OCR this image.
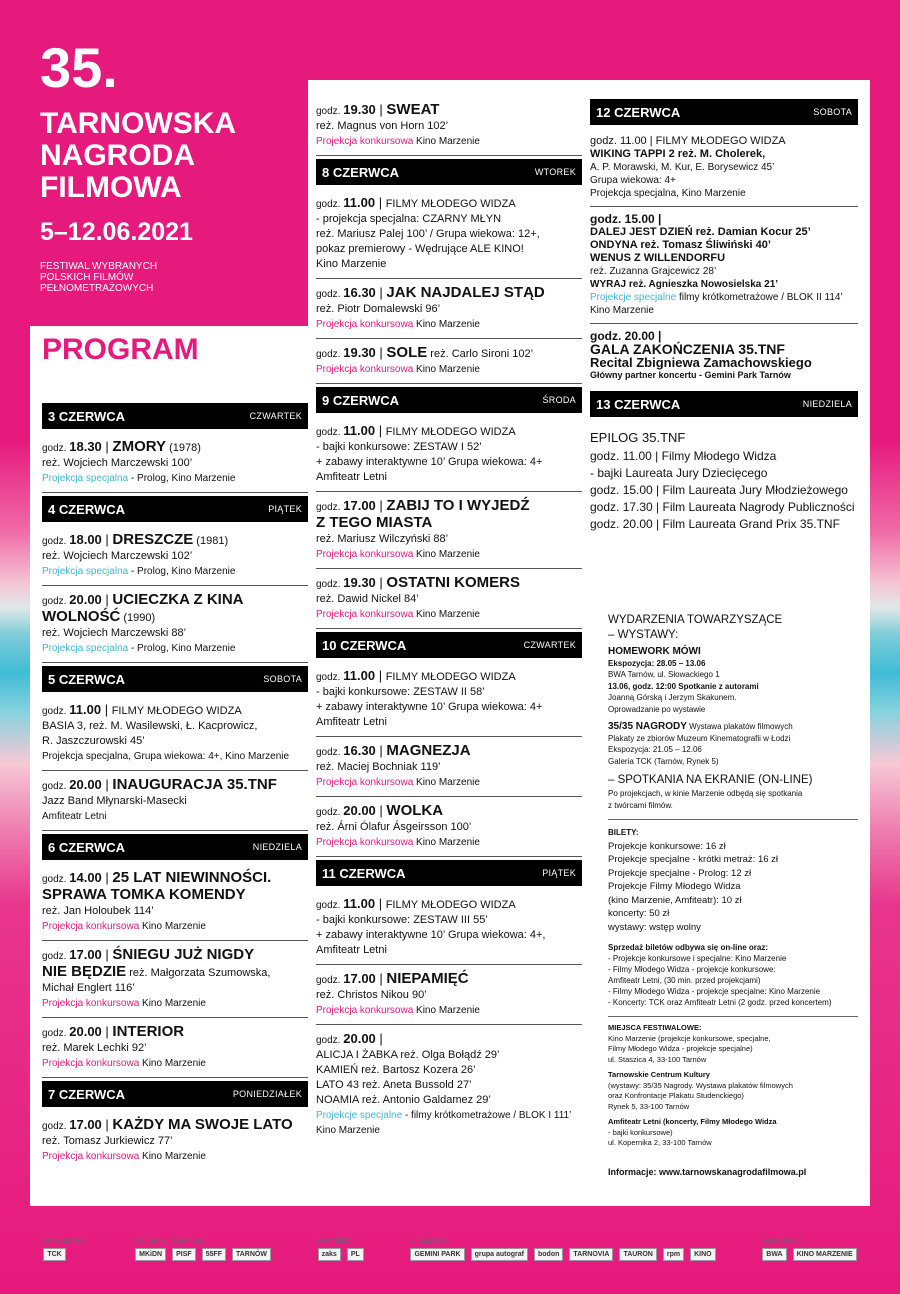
35.
TARNOWSKA
NAGRODA
FILMOWA
5–12.06.2021
FESTIWAL WYBRANYCH
POLSKICH FILMÓW
PEŁNOMETRAŻOWYCH
PROGRAM
3 CZERWCA	CZWARTEK
godz. 18.30 | ZMORY (1978)
reż. Wojciech Marczewski 100’
Projekcja specjalna - Prolog, Kino Marzenie
4 CZERWCA	PIĄTEK
godz. 18.00 | DRESZCZE (1981)
reż. Wojciech Marczewski 102’
Projekcja specjalna - Prolog, Kino Marzenie
godz. 20.00 | UCIECZKA Z KINA
WOLNOŚĆ (1990)
reż. Wojciech Marczewski 88’
Projekcja specjalna - Prolog, Kino Marzenie
5 CZERWCA	SOBOTA
godz. 11.00 | FILMY MŁODEGO WIDZA
BASIA 3, reż. M. Wasilewski, Ł. Kacprowicz,
R. Jaszczurowski 45’
Projekcja specjalna, Grupa wiekowa: 4+, Kino Marzenie
godz. 20.00 | INAUGURACJA 35.TNF
Jazz Band Młynarski-Masecki
Amfiteatr Letni
6 CZERWCA	NIEDZIELA
godz. 14.00 | 25 LAT NIEWINNOŚCI.
SPRAWA TOMKA KOMENDY
reż. Jan Holoubek 114’
Projekcja konkursowa Kino Marzenie
godz. 17.00 | ŚNIEGU JUŻ NIGDY
NIE BĘDZIE reż. Małgorzata Szumowska,
Michał Englert 116’
Projekcja konkursowa Kino Marzenie
godz. 20.00 | INTERIOR
reż. Marek Lechki 92’
Projekcja konkursowa Kino Marzenie
7 CZERWCA	PONIEDZIAŁEK
godz. 17.00 | KAŻDY MA SWOJE LATO
reż. Tomasz Jurkiewicz 77’
Projekcja konkursowa Kino Marzenie
godz. 19.30 | SWEAT
reż. Magnus von Horn 102’
Projekcja konkursowa Kino Marzenie
8 CZERWCA	WTOREK
godz. 11.00 | FILMY MŁODEGO WIDZA
- projekcja specjalna: CZARNY MŁYN
reż. Mariusz Palej 100’ / Grupa wiekowa: 12+,
pokaz premierowy - Wędrujące ALE KINO!
Kino Marzenie
godz. 16.30 | JAK NAJDALEJ STĄD
reż. Piotr Domalewski 96’
Projekcja konkursowa Kino Marzenie
godz. 19.30 | SOLE reż. Carlo Sironi 102’
Projekcja konkursowa Kino Marzenie
9 CZERWCA	ŚRODA
godz. 11.00 | FILMY MŁODEGO WIDZA
- bajki konkursowe: ZESTAW I 52’
+ zabawy interaktywne 10’ Grupa wiekowa: 4+
Amfiteatr Letni
godz. 17.00 | ZABIJ TO I WYJEDŹ
Z TEGO MIASTA
reż. Mariusz Wilczyński 88’
Projekcja konkursowa Kino Marzenie
godz. 19.30 | OSTATNI KOMERS
reż. Dawid Nickel 84’
Projekcja konkursowa Kino Marzenie
10 CZERWCA	CZWARTEK
godz. 11.00 | FILMY MŁODEGO WIDZA
- bajki konkursowe: ZESTAW II 58’
+ zabawy interaktywne 10’ Grupa wiekowa: 4+
Amfiteatr Letni
godz. 16.30 | MAGNEZJA
reż. Maciej Bochniak 119’
Projekcja konkursowa Kino Marzenie
godz. 20.00 | WOLKA
reż. Árni Ólafur Ásgeirsson 100’
Projekcja konkursowa Kino Marzenie
11 CZERWCA	PIĄTEK
godz. 11.00 | FILMY MŁODEGO WIDZA
- bajki konkursowe: ZESTAW III 55’
+ zabawy interaktywne 10’ Grupa wiekowa: 4+,
Amfiteatr Letni
godz. 17.00 | NIEPAMIĘĆ
reż. Christos Nikou 90’
Projekcja konkursowa Kino Marzenie
godz. 20.00 |
ALICJA I ŻABKA reż. Olga Bołądź 29’
KAMIEŃ reż. Bartosz Kozera 26’
LATO 43 reż. Aneta Bussold 27’
NOAMIA reż. Antonio Galdamez 29’
Projekcje specjalne - filmy krótkometrażowe / BLOK I 111’ Kino Marzenie
12 CZERWCA	SOBOTA
godz. 11.00 | FILMY MŁODEGO WIDZA
WIKING TAPPI 2 reż. M. Cholerek,
A. P. Morawski, M. Kur, E. Borysewicz 45’
Grupa wiekowa: 4+
Projekcja specjalna, Kino Marzenie
godz. 15.00 |
DALEJ JEST DZIEŃ reż. Damian Kocur 25’
ONDYNA reż. Tomasz Śliwiński 40’
WENUS Z WILLENDORFU
reż. Zuzanna Grajcewicz 28’
WYRAJ reż. Agnieszka Nowosielska 21’
Projekcje specjalne filmy krótkometrażowe / BLOK II 114’
Kino Marzenie
godz. 20.00 |
GALA ZAKOŃCZENIA 35.TNF
Recital Zbigniewa Zamachowskiego
Główny partner koncertu - Gemini Park Tarnów
13 CZERWCA	NIEDZIELA
EPILOG 35.TNF
godz. 11.00 | Filmy Młodego Widza
- bajki Laureata Jury Dziecięcego
godz. 15.00 | Film Laureata Jury Młodzieżowego
godz. 17.30 | Film Laureata Nagrody Publiczności
godz. 20.00 | Film Laureata Grand Prix 35.TNF
WYDARZENIA TOWARZYSZĄCE
– WYSTAWY:
HOMEWORK MÓWI
Ekspozycja: 28.05 – 13.06
BWA Tarnów, ul. Słowackiego 1
13.06, godz. 12:00 Spotkanie z autorami
Joanną Górską i Jerzym Skakunem.
Oprowadzanie po wystawie
35/35 NAGRODY Wystawa plakatów filmowych
Plakaty ze zbiorów Muzeum Kinematografii w Łodzi
Ekspozycja: 21.05 – 12.06
Galeria TCK (Tarnów, Rynek 5)
– SPOTKANIA NA EKRANIE (ON-LINE)
Po projekcjach, w kinie Marzenie odbędą się spotkania
z twórcami filmów.
BILETY:
Projekcje konkursowe: 16 zł
Projekcje specjalne - krótki metraż: 16 zł
Projekcje specjalne - Prolog: 12 zł
Projekcje Filmy Młodego Widza
(kino Marzenie, Amfiteatr): 10 zł
koncerty: 50 zł
wystawy: wstęp wolny
Sprzedaż biletów odbywa się on-line oraz:
- Projekcje konkursowe i specjalne: Kino Marzenie
- Filmy Młodego Widza - projekcje konkursowe:
Amfiteatr Letni, (30 min. przed projekcjami)
- Filmy Młodego Widza - projekcje specjalne: Kino Marzenie
- Koncerty: TCK oraz Amfiteatr Letni (2 godz. przed koncertem)
MIEJSCA FESTIWALOWE:
Kino Marzenie (projekcje konkursowe, specjalne,
Filmy Młodego Widza - projekcje specjalne)
ul. Staszica 4, 33-100 Tarnów
Tarnowskie Centrum Kultury
(wystawy: 35/35 Nagrody. Wystawa plakatów filmowych
oraz Konfrontacje Plakatu Studenckiego)
Rynek 5, 33-100 Tarnów
Amfiteatr Letni (koncerty, Filmy Młodego Widza
- bajki konkursowe)
ul. Kopernika 2, 33-100 Tarnów
Informacje: www.tarnowskanagrodafilmowa.pl
ORGANIZATOR:
TCK
WSPÓŁFINANSOWANIE:
MKiDN	PISF	55FF	TARNÓW
PARTNERZY:
zaks	PL
SPONSORZY:
GEMINI PARK	grupa autograf	bodon	TARNOVIA	TAURON	rpm	KINO
WSPÓŁPRACA:
BWA	KINO MARZENIE
